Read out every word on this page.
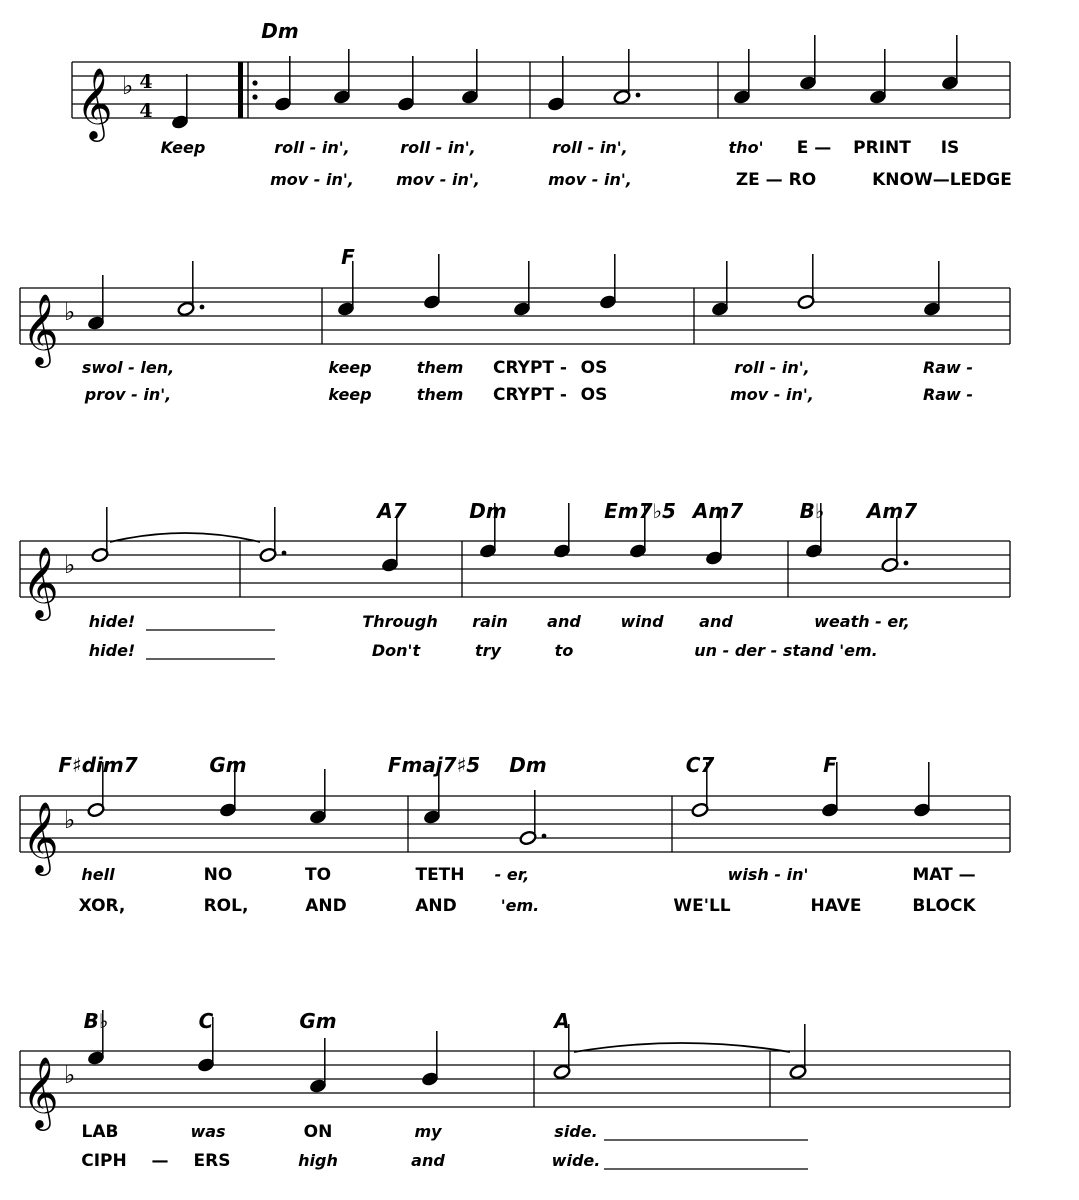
𝄞 ♭ 4
4
Dm
Keep	roll - in',	roll - in',	roll - in',	tho' E — PRINT IS
mov - in',	mov - in',	mov - in',	ZE — RO	KNOW—LEDGE
𝄞 ♭
F
swol - len,	keep	them CRYPT - OS	roll - in',	Raw -
prov - in',	keep	them CRYPT - OS	mov - in',	Raw -
𝄞 ♭
A7	Dm	Em7♭5 Am7	B♭ Am7
hide!	Through rain and wind and	weath - er,
hide!	Don't	try	to	un - der - stand 'em.
𝄞 ♭
F♯dim7	Gm	Fmaj7♯5 Dm	C7	F
hell	NO	TO	TETH - er,	wish - in'	MAT —
XOR,	ROL,	AND	AND	'em.	WE'LL	HAVE	BLOCK
𝄞 ♭
B♭	C	Gm	A
LAB	was	ON	my	side.
CIPH — ERS	high	and	wide.
